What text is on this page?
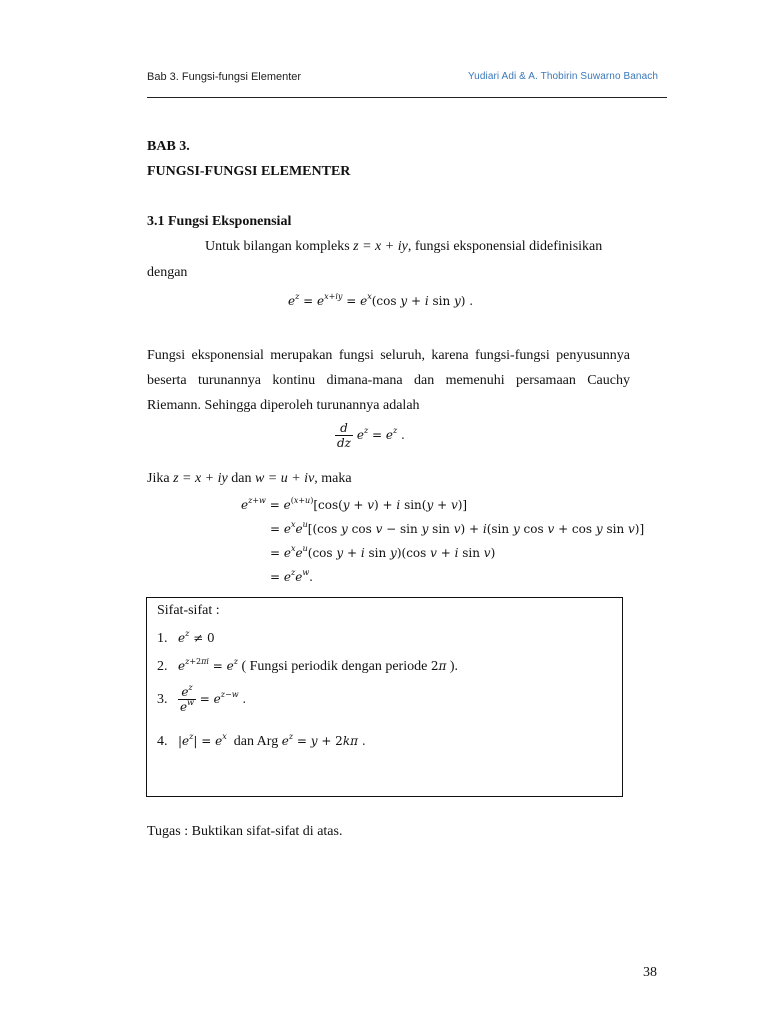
Bab 3. Fungsi-fungsi Elementer	Yudiari Adi & A. Thobirin Suwarno Banach
BAB 3.
FUNGSI-FUNGSI ELEMENTER
3.1 Fungsi Eksponensial
Untuk bilangan kompleks z = x + iy, fungsi eksponensial didefinisikan
dengan
$e^z = e^{x+iy} = e^x(\cos$ y + i sin y) .
Fungsi eksponensial merupakan fungsi seluruh, karena fungsi-fungsi penyusunnya beserta turunannya kontinu dimana-mana dan memenuhi persamaan Cauchy Riemann. Sehingga diperoleh turunannya adalah
$\frac{d}{dz} e^z = e^z$ .
Jika z = x + iy dan w = u + iv, maka
$e^{z+w} = e^{(x+u)}[\cos(y + v) + i$ sin(y + v)]
= $e^xe^u[(\cos$ y cos v − sin y sin v) + i(sin y cos v + cos y sin v)]
= $e^xe^u(\cos$ y + i sin y)(cos v + i sin v)
= $e^ze^w$.
Sifat-sifat :
1. $e^z \ne 0$
2. $e^{z+2\pi i} = e^z$ ( Fungsi periodik dengan periode 2π ).
3. $\frac{e^z}{e^w} = e^{z-w}$ .
4. $|e^z| = e^x$ dan Arg $e^z = y + 2k\pi$ .
Tugas : Buktikan sifat-sifat di atas.
38
